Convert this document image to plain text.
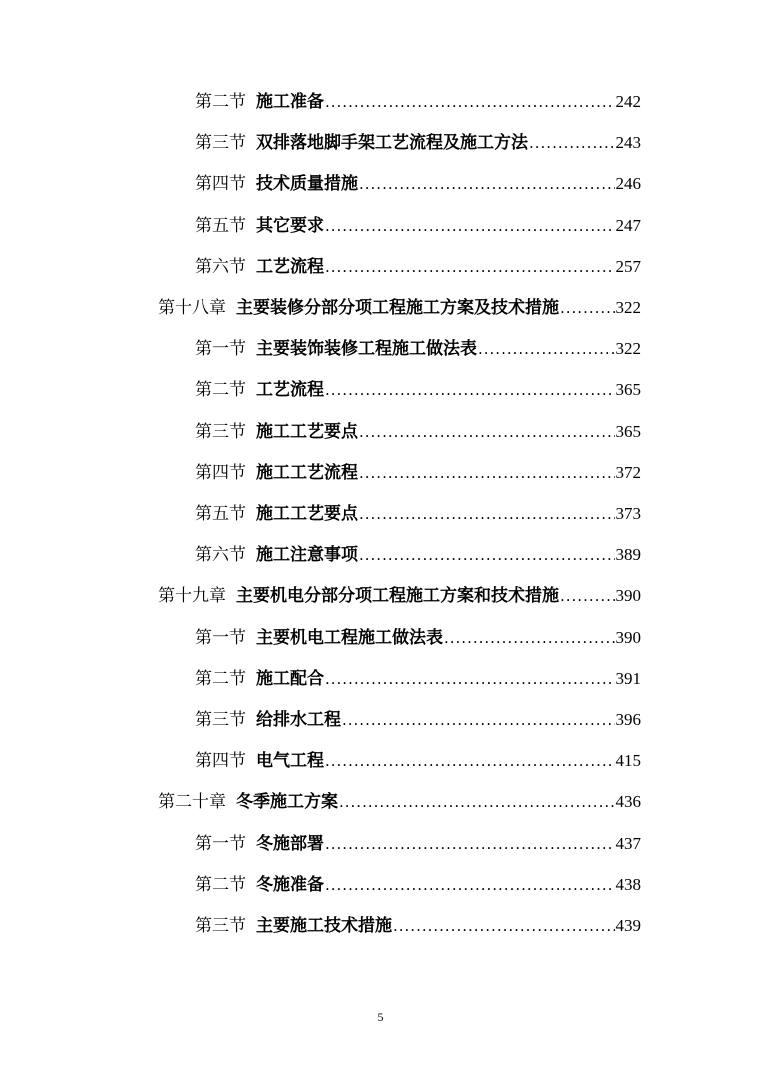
第二节 施工准备 .....	242
第三节 双排落地脚手架工艺流程及施工方法 .....	243
第四节 技术质量措施 .....	246
第五节 其它要求 .....	247
第六节 工艺流程 .....	257
第十八章 主要装修分部分项工程施工方案及技术措施 .....	322
第一节 主要装饰装修工程施工做法表 .....	322
第二节 工艺流程 .....	365
第三节 施工工艺要点 .....	365
第四节 施工工艺流程 .....	372
第五节 施工工艺要点 .....	373
第六节 施工注意事项 .....	389
第十九章 主要机电分部分项工程施工方案和技术措施 .....	390
第一节 主要机电工程施工做法表 .....	390
第二节 施工配合 .....	391
第三节 给排水工程 .....	396
第四节 电气工程 .....	415
第二十章 冬季施工方案 .....	436
第一节 冬施部署 .....	437
第二节 冬施准备 .....	438
第三节 主要施工技术措施 .....	439
5
